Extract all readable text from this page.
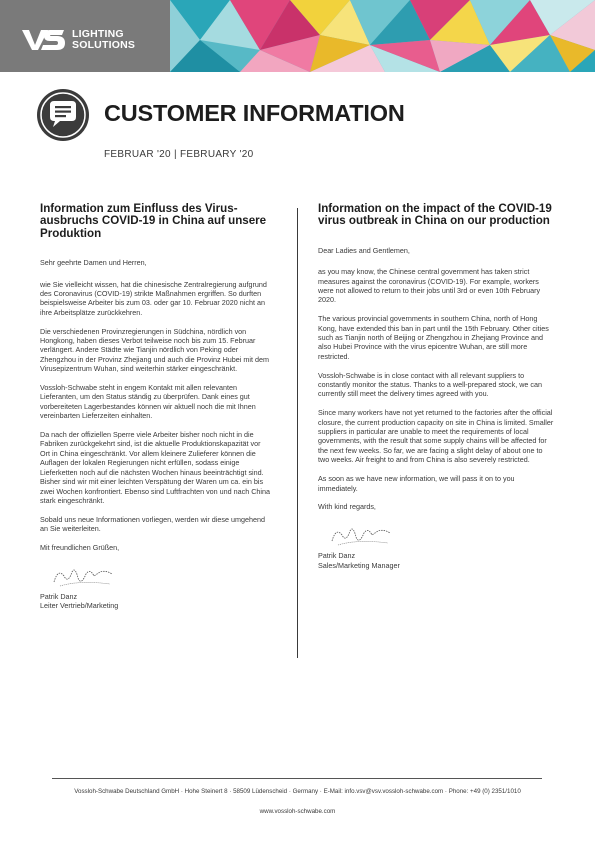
LIGHTING
SOLUTIONS
CUSTOMER INFORMATION
FEBRUAR '20 | FEBRUARY '20
Information zum Einfluss des Virus-ausbruchs COVID-19 in China auf unsere Produktion

Sehr geehrte Damen und Herren,

wie Sie vielleicht wissen, hat die chinesische Zentralregierung aufgrund des Coronavirus (COVID-19) strikte Maßnahmen ergriffen. So durften beispielsweise Arbeiter bis zum 03. oder gar 10. Februar 2020 nicht an ihre Arbeitsplätze zurückkehren.

Die verschiedenen Provinzregierungen in Südchina, nördlich von Hongkong, haben dieses Verbot teilweise noch bis zum 15. Februar verlängert. Andere Städte wie Tianjin nördlich von Peking oder Zhengzhou in der Provinz Zhejiang und auch die Provinz Hubei mit dem Virusepizentrum Wuhan, sind weiterhin stärker eingeschränkt.

Vossloh-Schwabe steht in engem Kontakt mit allen relevanten Lieferanten, um den Status ständig zu überprüfen. Dank eines gut vorbereiteten Lagerbestandes können wir aktuell noch die mit Ihnen vereinbarten Lieferzeiten einhalten.

Da nach der offiziellen Sperre viele Arbeiter bisher noch nicht in die Fabriken zurückgekehrt sind, ist die aktuelle Produktionskapazität vor Ort in China eingeschränkt. Vor allem kleinere Zulieferer können die Auflagen der lokalen Regierungen nicht erfüllen, sodass einige Lieferketten noch auf die nächsten Wochen hinaus beeinträchtigt sind. Bisher sind wir mit einer leichten Verspätung der Waren um ca. ein bis zwei Wochen konfrontiert. Ebenso sind Luftfrachten von und nach China stark eingeschränkt.

Sobald uns neue Informationen vorliegen, werden wir diese umgehend an Sie weiterleiten.

Mit freundlichen Grüßen,

Patrik Danz
Leiter Vertrieb/Marketing

Information on the impact of the COVID-19 virus outbreak in China on our production

Dear Ladies and Gentlemen,

as you may know, the Chinese central government has taken strict measures against the coronavirus (COVID-19). For example, workers were not allowed to return to their jobs until 3rd or even 10th February 2020.

The various provincial governments in southern China, north of Hong Kong, have extended this ban in part until the 15th February. Other cities such as Tianjin north of Beijing or Zhengzhou in Zhejiang Province and also Hubei Province with the virus epicentre Wuhan, are still more restricted.

Vossloh-Schwabe is in close contact with all relevant suppliers to constantly monitor the status. Thanks to a well-prepared stock, we can currently still meet the delivery times agreed with you.

Since many workers have not yet returned to the factories after the official closure, the current production capacity on site in China is limited. Smaller suppliers in particular are unable to meet the requirements of local governments, with the result that some supply chains will be affected for the next few weeks. So far, we are facing a slight delay of about one to two weeks. Air freight to and from China is also severely restricted.

As soon as we have new information, we will pass it on to you immediately.

With kind regards,

Patrik Danz
Sales/Marketing Manager

Vossloh-Schwabe Deutschland GmbH · Hohe Steinert 8 · 58509 Lüdenscheid · Germany · E-Mail: info.vsv@vsv.vossloh-schwabe.com · Phone: +49 (0) 2351/1010
www.vossloh-schwabe.com
